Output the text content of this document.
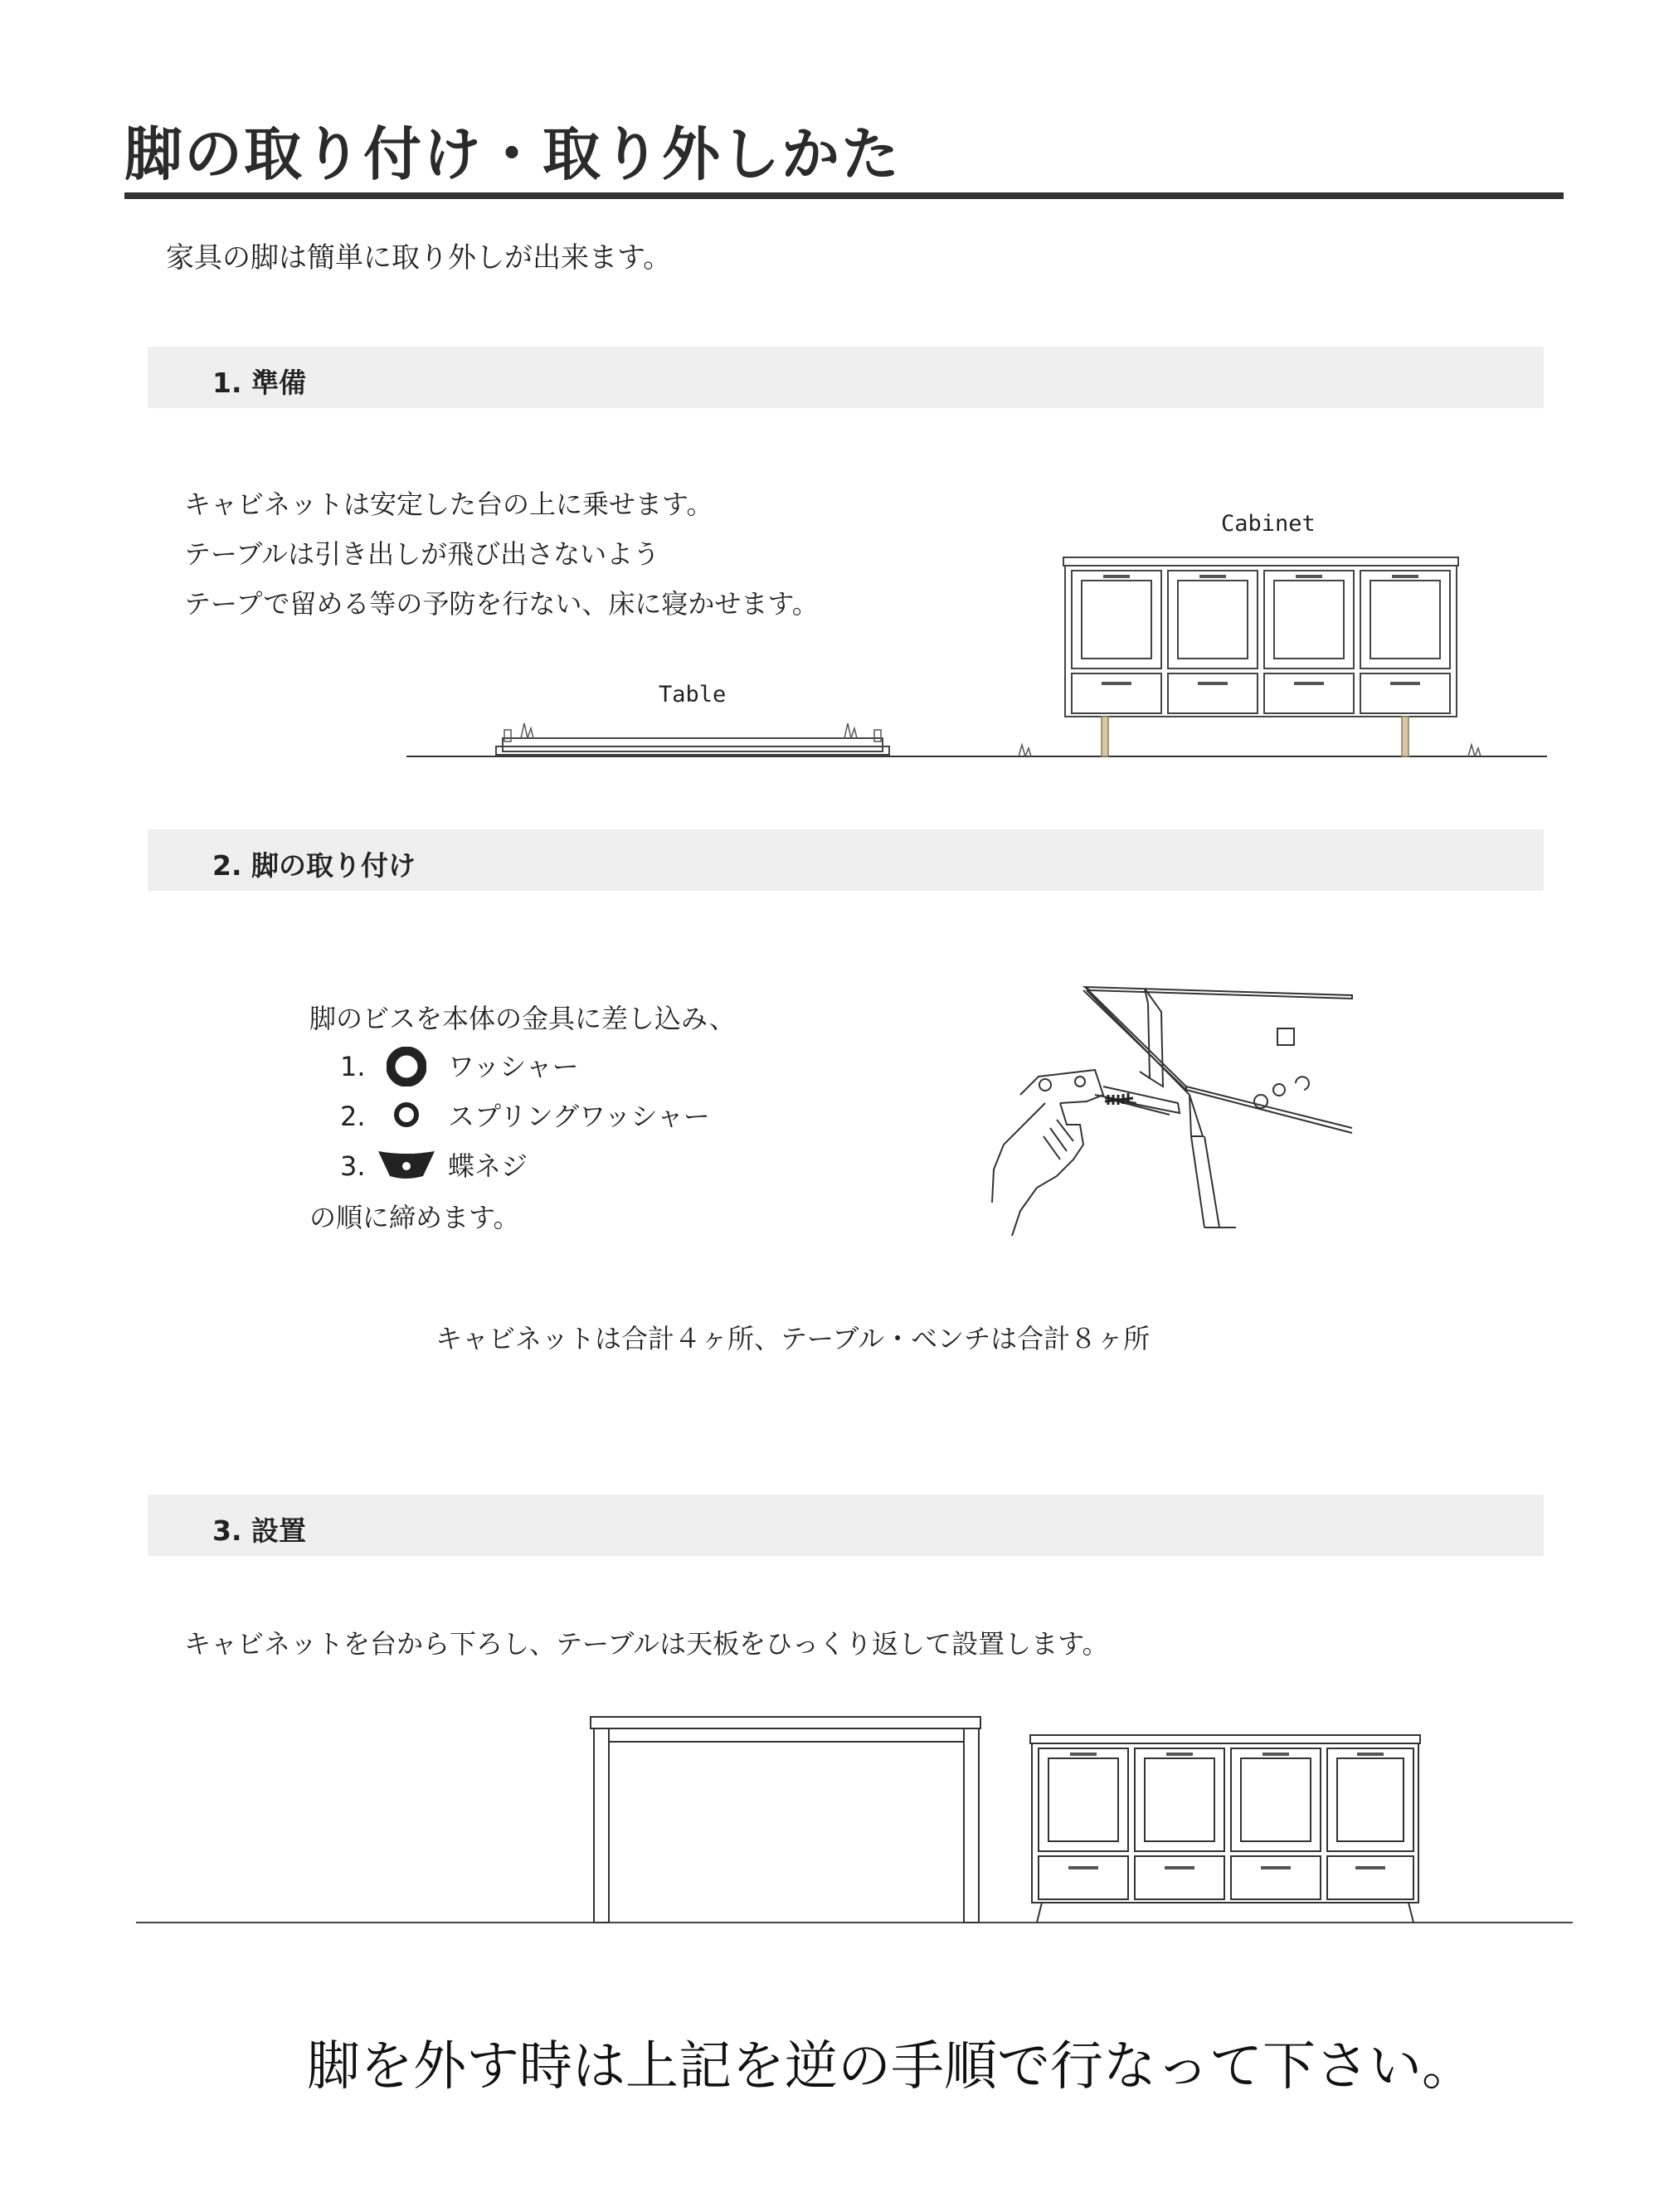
脚の取り付け・取り外しかた
家具の脚は簡単に取り外しが出来ます。
1. 準備
キャビネットは安定した台の上に乗せます。
テーブルは引き出しが飛び出さないよう
テープで留める等の予防を行ない、床に寝かせます。
Cabinet
Table
2. 脚の取り付け
脚のビスを本体の金具に差し込み、
1.	ワッシャー
2.	スプリングワッシャー
3.	蝶ネジ
の順に締めます。
キャビネットは合計４ヶ所、テーブル・ベンチは合計８ヶ所
3. 設置
キャビネットを台から下ろし、テーブルは天板をひっくり返して設置します。
脚を外す時は上記を逆の手順で行なって下さい。
